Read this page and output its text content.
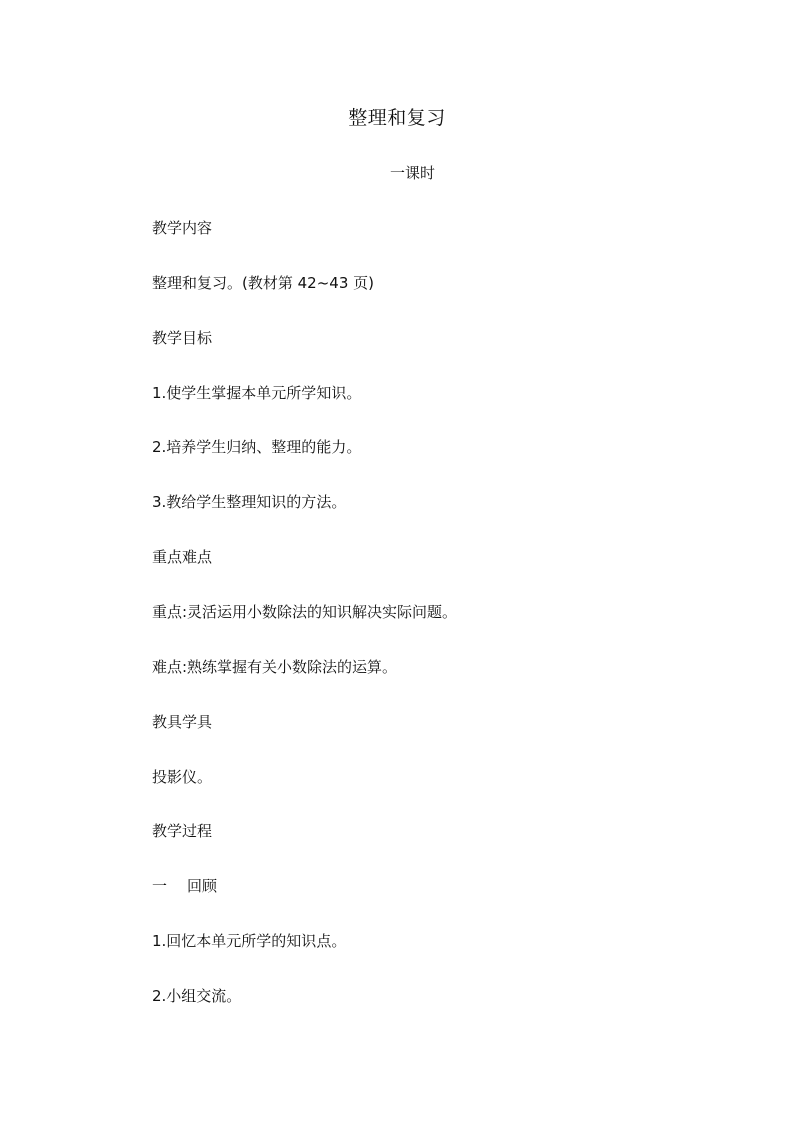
整理和复习
一课时
教学内容
整理和复习。(教材第 42~43 页)
教学目标
1.使学生掌握本单元所学知识。
2.培养学生归纳、整理的能力。
3.教给学生整理知识的方法。
重点难点
重点:灵活运用小数除法的知识解决实际问题。
难点:熟练掌握有关小数除法的运算。
教具学具
投影仪。
教学过程
一 回顾
1.回忆本单元所学的知识点。
2.小组交流。
